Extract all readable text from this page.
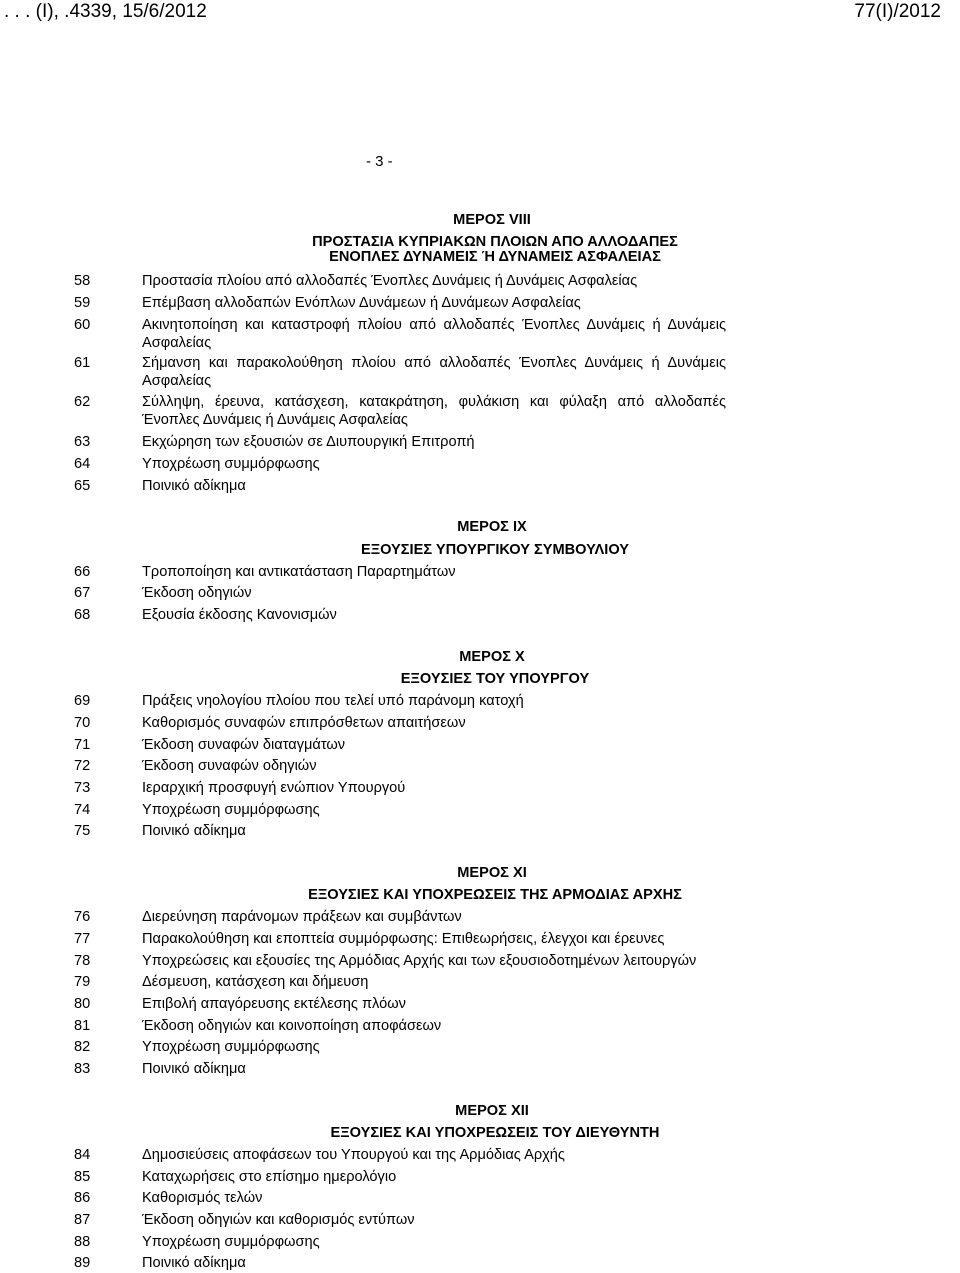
. . . (Ι), .4339, 15/6/2012	77(Ι)/2012
- 3 -
ΜΕΡΟΣ VIII
ΠΡΟΣΤΑΣΙΑ ΚΥΠΡΙΑΚΩΝ ΠΛΟΙΩΝ ΑΠΟ ΑΛΛΟΔΑΠΕΣ
ΕΝΟΠΛΕΣ ΔΥΝΑΜΕΙΣ Ή ΔΥΝΑΜΕΙΣ ΑΣΦΑΛΕΙΑΣ
58	Προστασία πλοίου από αλλοδαπές Ένοπλες Δυνάμεις ή Δυνάμεις Ασφαλείας
59	Επέμβαση αλλοδαπών Ενόπλων Δυνάμεων ή Δυνάμεων Ασφαλείας
60	Ακινητοποίηση και καταστροφή πλοίου από αλλοδαπές Ένοπλες Δυνάμεις ή Δυνάμεις Ασφαλείας
61	Σήμανση και παρακολούθηση πλοίου από αλλοδαπές Ένοπλες Δυνάμεις ή Δυνάμεις Ασφαλείας
62	Σύλληψη, έρευνα, κατάσχεση, κατακράτηση, φυλάκιση και φύλαξη από αλλοδαπές Ένοπλες Δυνάμεις ή Δυνάμεις Ασφαλείας
63	Εκχώρηση των εξουσιών σε Διυπουργική Επιτροπή
64	Υποχρέωση συμμόρφωσης
65	Ποινικό αδίκημα
ΜΕΡΟΣ ΙΧ
ΕΞΟΥΣΙΕΣ ΥΠΟΥΡΓΙΚΟΥ ΣΥΜΒΟΥΛΙΟΥ
66	Τροποποίηση και αντικατάσταση Παραρτημάτων
67	Έκδοση οδηγιών
68	Εξουσία έκδοσης Κανονισμών
ΜΕΡΟΣ Χ
ΕΞΟΥΣΙΕΣ ΤΟΥ ΥΠΟΥΡΓΟΥ
69	Πράξεις νηολογίου πλοίου που τελεί υπό παράνομη κατοχή
70	Καθορισμός συναφών επιπρόσθετων απαιτήσεων
71	Έκδοση συναφών διαταγμάτων
72	Έκδοση συναφών οδηγιών
73	Ιεραρχική προσφυγή ενώπιον Υπουργού
74	Υποχρέωση συμμόρφωσης
75	Ποινικό αδίκημα
ΜΕΡΟΣ ΧΙ
ΕΞΟΥΣΙΕΣ ΚΑΙ ΥΠΟΧΡΕΩΣΕΙΣ ΤΗΣ ΑΡΜΟΔΙΑΣ ΑΡΧΗΣ
76	Διερεύνηση παράνομων πράξεων και συμβάντων
77	Παρακολούθηση και εποπτεία συμμόρφωσης: Επιθεωρήσεις, έλεγχοι και έρευνες
78	Υποχρεώσεις και εξουσίες της Αρμόδιας Αρχής και των εξουσιοδοτημένων λειτουργών
79	Δέσμευση, κατάσχεση και δήμευση
80	Επιβολή απαγόρευσης εκτέλεσης πλόων
81	Έκδοση οδηγιών και κοινοποίηση αποφάσεων
82	Υποχρέωση συμμόρφωσης
83	Ποινικό αδίκημα
ΜΕΡΟΣ ΧΙΙ
ΕΞΟΥΣΙΕΣ ΚΑΙ ΥΠΟΧΡΕΩΣΕΙΣ ΤΟΥ ΔΙΕΥΘΥΝΤΗ
84	Δημοσιεύσεις αποφάσεων του Υπουργού και της Αρμόδιας Αρχής
85	Καταχωρήσεις στο επίσημο ημερολόγιο
86	Καθορισμός τελών
87	Έκδοση οδηγιών και καθορισμός εντύπων
88	Υποχρέωση συμμόρφωσης
89	Ποινικό αδίκημα
